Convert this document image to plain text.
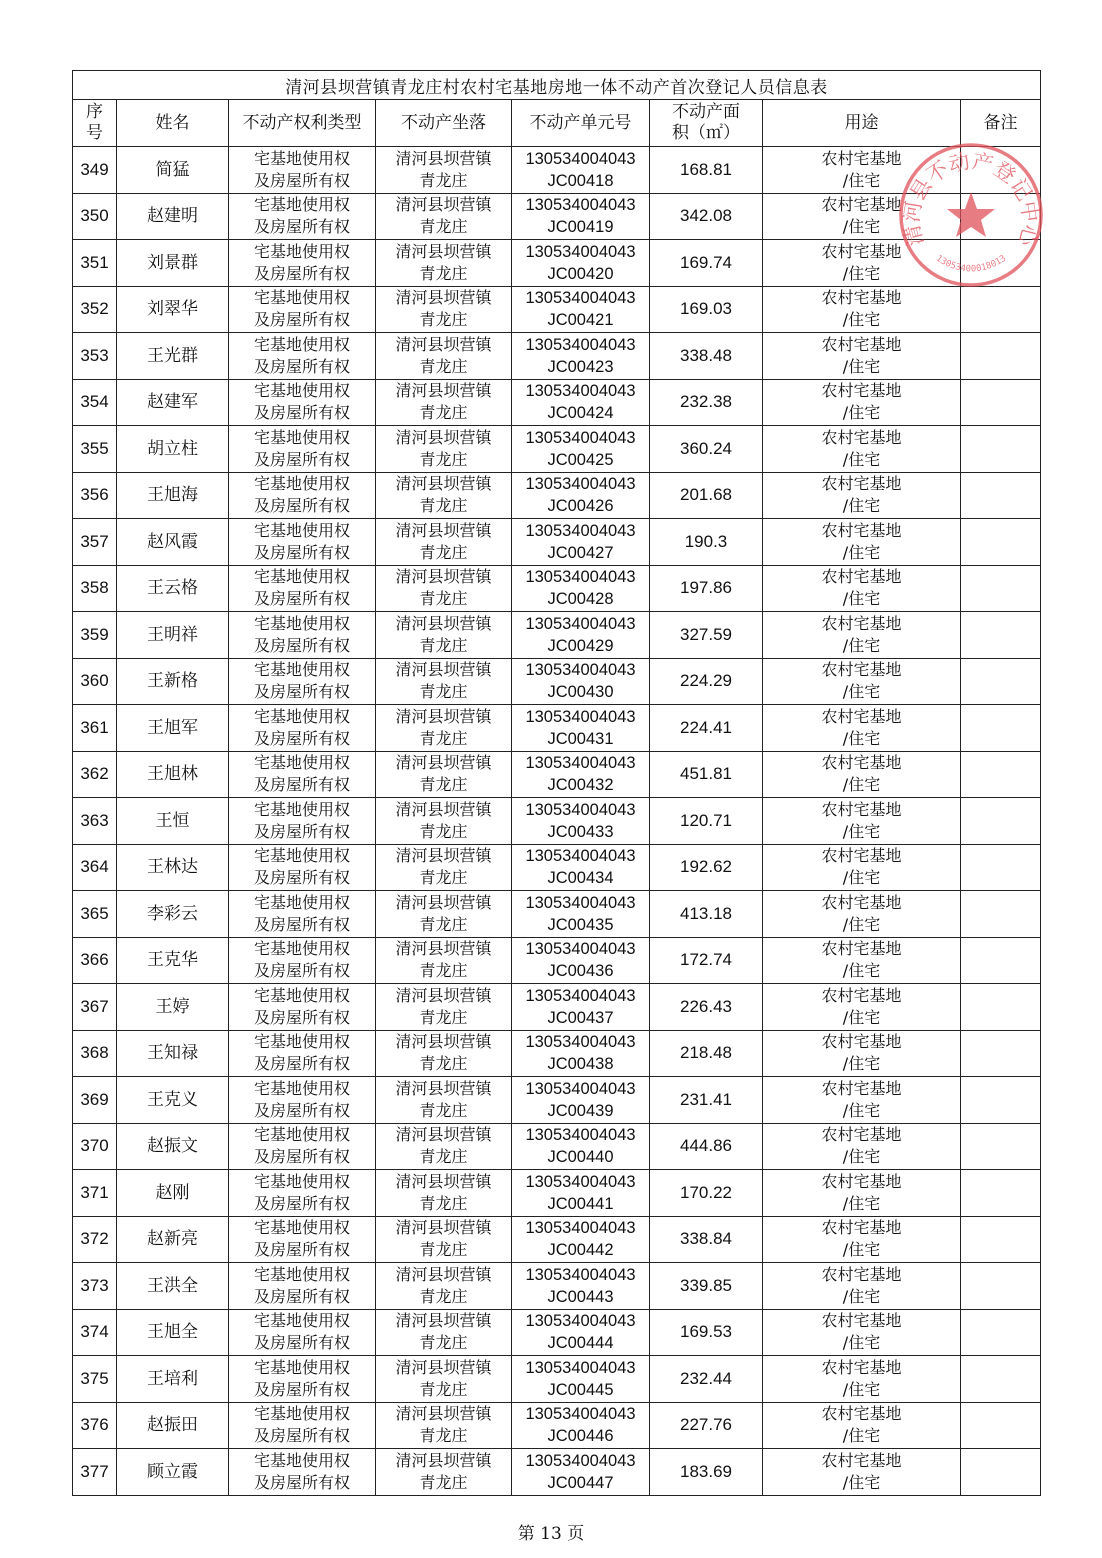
清河县坝营镇青龙庄村农村宅基地房地一体不动产首次登记人员信息表							

序
号	姓名	不动产权利类型	不动产坐落	不动产单元号	不动产面
积（㎡）	用途	备注
349	简猛	宅基地使用权
及房屋所有权	清河县坝营镇
青龙庄	130534004043
JC00418	168.81	农村宅基地
/住宅	

350	赵建明	宅基地使用权
及房屋所有权	清河县坝营镇
青龙庄	130534004043
JC00419	342.08	农村宅基地
/住宅	

351	刘景群	宅基地使用权
及房屋所有权	清河县坝营镇
青龙庄	130534004043
JC00420	169.74	农村宅基地
/住宅	

352	刘翠华	宅基地使用权
及房屋所有权	清河县坝营镇
青龙庄	130534004043
JC00421	169.03	农村宅基地
/住宅	

353	王光群	宅基地使用权
及房屋所有权	清河县坝营镇
青龙庄	130534004043
JC00423	338.48	农村宅基地
/住宅	

354	赵建军	宅基地使用权
及房屋所有权	清河县坝营镇
青龙庄	130534004043
JC00424	232.38	农村宅基地
/住宅	

355	胡立柱	宅基地使用权
及房屋所有权	清河县坝营镇
青龙庄	130534004043
JC00425	360.24	农村宅基地
/住宅	

356	王旭海	宅基地使用权
及房屋所有权	清河县坝营镇
青龙庄	130534004043
JC00426	201.68	农村宅基地
/住宅	

357	赵风霞	宅基地使用权
及房屋所有权	清河县坝营镇
青龙庄	130534004043
JC00427	190.3	农村宅基地
/住宅	

358	王云格	宅基地使用权
及房屋所有权	清河县坝营镇
青龙庄	130534004043
JC00428	197.86	农村宅基地
/住宅	

359	王明祥	宅基地使用权
及房屋所有权	清河县坝营镇
青龙庄	130534004043
JC00429	327.59	农村宅基地
/住宅	

360	王新格	宅基地使用权
及房屋所有权	清河县坝营镇
青龙庄	130534004043
JC00430	224.29	农村宅基地
/住宅	

361	王旭军	宅基地使用权
及房屋所有权	清河县坝营镇
青龙庄	130534004043
JC00431	224.41	农村宅基地
/住宅	

362	王旭林	宅基地使用权
及房屋所有权	清河县坝营镇
青龙庄	130534004043
JC00432	451.81	农村宅基地
/住宅	

363	王恒	宅基地使用权
及房屋所有权	清河县坝营镇
青龙庄	130534004043
JC00433	120.71	农村宅基地
/住宅	

364	王林达	宅基地使用权
及房屋所有权	清河县坝营镇
青龙庄	130534004043
JC00434	192.62	农村宅基地
/住宅	

365	李彩云	宅基地使用权
及房屋所有权	清河县坝营镇
青龙庄	130534004043
JC00435	413.18	农村宅基地
/住宅	

366	王克华	宅基地使用权
及房屋所有权	清河县坝营镇
青龙庄	130534004043
JC00436	172.74	农村宅基地
/住宅	

367	王婷	宅基地使用权
及房屋所有权	清河县坝营镇
青龙庄	130534004043
JC00437	226.43	农村宅基地
/住宅	

368	王知禄	宅基地使用权
及房屋所有权	清河县坝营镇
青龙庄	130534004043
JC00438	218.48	农村宅基地
/住宅	

369	王克义	宅基地使用权
及房屋所有权	清河县坝营镇
青龙庄	130534004043
JC00439	231.41	农村宅基地
/住宅	

370	赵振文	宅基地使用权
及房屋所有权	清河县坝营镇
青龙庄	130534004043
JC00440	444.86	农村宅基地
/住宅	

371	赵刚	宅基地使用权
及房屋所有权	清河县坝营镇
青龙庄	130534004043
JC00441	170.22	农村宅基地
/住宅	

372	赵新亮	宅基地使用权
及房屋所有权	清河县坝营镇
青龙庄	130534004043
JC00442	338.84	农村宅基地
/住宅	

373	王洪全	宅基地使用权
及房屋所有权	清河县坝营镇
青龙庄	130534004043
JC00443	339.85	农村宅基地
/住宅	

374	王旭全	宅基地使用权
及房屋所有权	清河县坝营镇
青龙庄	130534004043
JC00444	169.53	农村宅基地
/住宅	

375	王培利	宅基地使用权
及房屋所有权	清河县坝营镇
青龙庄	130534004043
JC00445	232.44	农村宅基地
/住宅	

376	赵振田	宅基地使用权
及房屋所有权	清河县坝营镇
青龙庄	130534004043
JC00446	227.76	农村宅基地
/住宅	

377	顾立霞	宅基地使用权
及房屋所有权	清河县坝营镇
青龙庄	130534004043
JC00447	183.69	农村宅基地
/住宅	

清河县不动产登记中心
13053400018013
第 13 页
